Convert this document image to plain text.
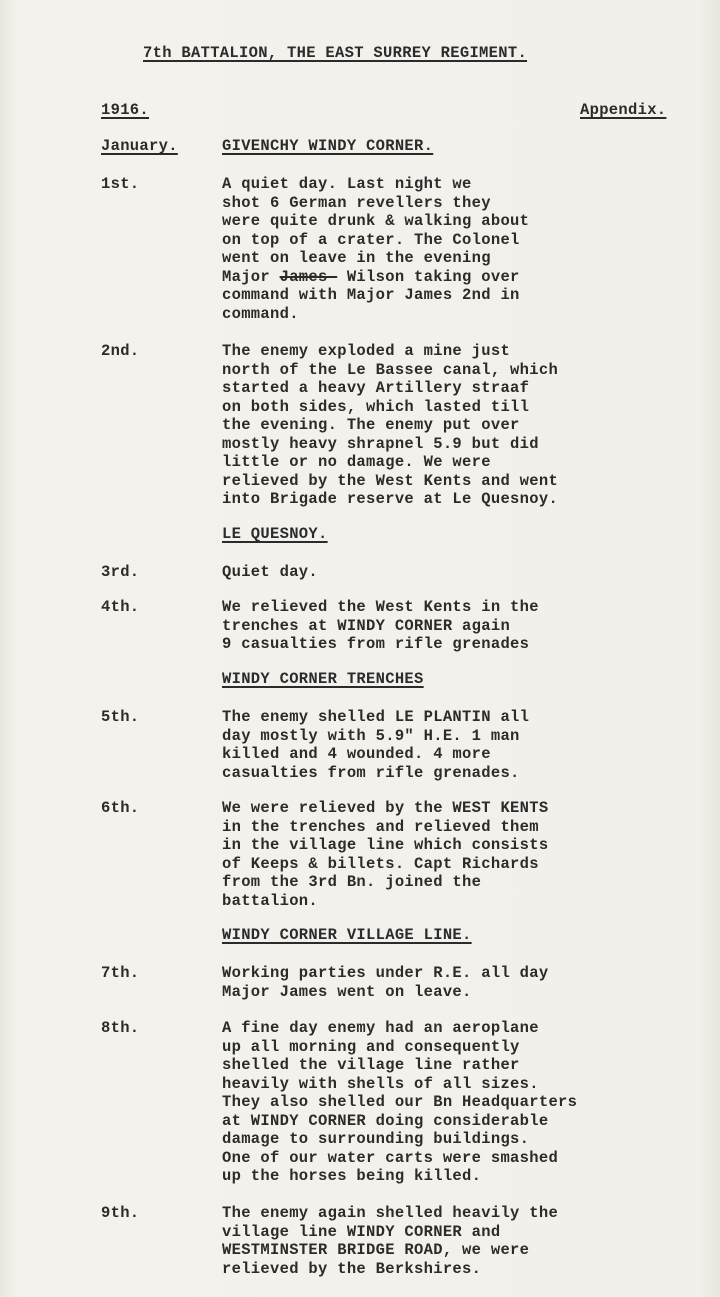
7th BATTALION, THE EAST SURREY REGIMENT.
1916.	Appendix.
January.	GIVENCHY WINDY CORNER.
1st.	A quiet day. Last night we
shot 6 German revellers they
were quite drunk & walking about
on top of a crater. The Colonel
went on leave in the evening
Major James- Wilson taking over
command with Major James 2nd in
command.
2nd.	The enemy exploded a mine just
north of the Le Bassee canal, which
started a heavy Artillery straaf
on both sides, which lasted till
the evening. The enemy put over
mostly heavy shrapnel 5.9 but did
little or no damage. We were
relieved by the West Kents and went
into Brigade reserve at Le Quesnoy.
LE QUESNOY.
3rd.	Quiet day.
4th.	We relieved the West Kents in the
trenches at WINDY CORNER again
9 casualties from rifle grenades
WINDY CORNER TRENCHES
5th.	The enemy shelled LE PLANTIN all
day mostly with 5.9" H.E. 1 man
killed and 4 wounded. 4 more
casualties from rifle grenades.
6th.	We were relieved by the WEST KENTS
in the trenches and relieved them
in the village line which consists
of Keeps & billets. Capt Richards
from the 3rd Bn. joined the
battalion.
WINDY CORNER VILLAGE LINE.
7th.	Working parties under R.E. all day
Major James went on leave.
8th.	A fine day enemy had an aeroplane
up all morning and consequently
shelled the village line rather
heavily with shells of all sizes.
They also shelled our Bn Headquarters
at WINDY CORNER doing considerable
damage to surrounding buildings.
One of our water carts were smashed
up the horses being killed.
9th.	The enemy again shelled heavily the
village line WINDY CORNER and
WESTMINSTER BRIDGE ROAD, we were
relieved by the Berkshires.
